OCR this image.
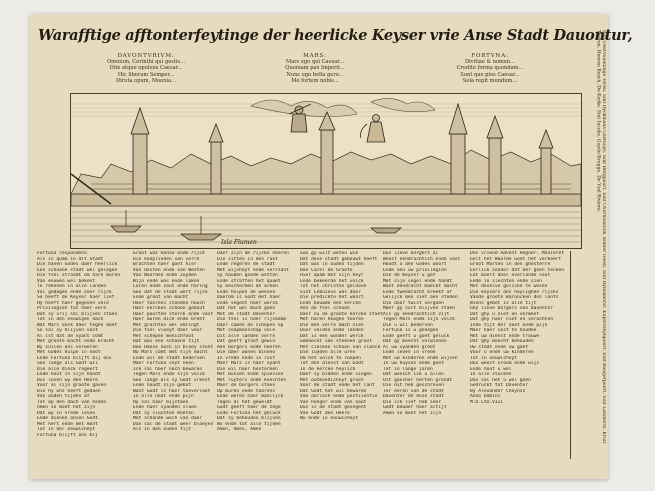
Warafftige afftonterfeytinge der heerlicke Keyser vrie Anse Stadt Dauontur,
DAVONTVRIVM:
Omnium, Corinthi qui gestis...
Dite atque opulens Caesar...
Hic liberam Semper...
Diruta opum, Moenia...
MARS:
Mars ego qui Caesar...
Quoniam pax Imperii...
Nunc ego bella gero...
Me fortem nobis...
FORTVNA:
Divitiae & nomen...
Credite forma quondam...
Sunt que pios Caesar...
Sola regit mundum...
Isla Flumen	Sint Overvuaedinge Toren. Sint Dyckmans Gasthuys. Sint Bergpoort. Sint Overmoedick. Kelder Geest. Sint Bynckhorst. Kupersteynpoort. Sint Boogerpoort. Sint Lamberts. Kruit Thoren. Heeren Bosch. De Kerke. Sint Iacobs. Guyde Brugge. De Ysel Riviere.
Fortuna respondens.
Als ic quam in dit Stadt
Die haven Godes daer heerlick
Een schoone stadt wel gelegen
Die Ysel stroomt om hare muren
Van eeuwen wel bekent
Te rekenen in alle landen
Vol gedagen ende zeer rijck
So heeft de Keyser haer lief
Hy heeft haer gegeven vele
Privilegien tot haer eere
Dat sy vrij sal blijven staen
Tot in den eeuwigen dach
Wat Mars oock daer tegen doet
So sal sy blijven vast
Al ist dat de vyant comt
Met groote macht ende kracht
Wy sullen ons verweren
Met Godes hulpe in noot
Ende Fortuna blijft bij ons
Soo lange als Godt wil
Die alle dinck regeert
Ende hout in sijn handt
Dus loven wy den Heere
Voor al sijn groote gaven
Die hy ons heeft gedaen
Van ouden tijden af
Tot op den dach van heden
Amen so moet het zijn
Dat wy in vrede leven
Ende dienen onsen Godt
Met hert ende met mont
Tot in der eeuwicheyt
Fortuna blijft ons bij
Groot was Hanse ende rijck
Die kooplieden van verre
Brachten haer goet hier
Van Oosten ende van Westen
Van Noorden ende Zuyden
Wijn ende was ende laken
Coren ende zout ende haring
Soo dat de stadt wert rijck
Ende groot van macht
Haer toorens stonden hooch
Haer kercken schoon gebout
Haer poorten sterck ende vast
Haer muren dick ende breet
Met grachten wel omringt
Die Ysel vloeyt daer voor
Met schepen menichfout
Dat was een schoone tijt
Doe Hanse noch in bloey stont
Nu Mars comt met sijn macht
Ende wil de stadt bederven
Maer Fortuna seyt neen
Ick sal haer noch bewaren
Tegen Mars ende sijn volck
Soo lange als sy Godt vreest
Ende houdt sijn gebot
Want Godt is haer toeverlaet
In alle noot ende pijn
Hy sal haer bijstaen
Ende haer vyanden slaen
Dat sy vluchten moeten
Met schande wech van daer
Dan sal de stadt weer bloeyen
Als in den ouden tijt
Daer sijn de rijcke heeren
Die sitten in den raet
Ende regeren de stadt
Met wijsheyt ende verstant
Sy houden goede wetten
Ende straffen het quaet
Sy beschermen de armen
Ende helpen de weesen
Daerom is Godt met haer
Ende segent haer werck
Dat het wel mach gaen
Met de stadt Daventer
Die Ysel is haer rijckdom
Daer comen de schepen op
Met coopmanschap vele
Uit alle landen verre
Dat geeft groot gewin
Aen borgers ende heeren
Die daer wonen binnen
In vrede ende in rust
Maer Mars is haer vyant
Die wil haer bestormen
Met bussen ende spiessen
Met ruyters ende knechten
Maer de borgers staen
Op muren ende toorens
Ende weren haer manlijck
Tegen al het geweldt
Godt geeft haer de zege
Ende Fortuna het geluck
Dat sy behouden blijven
Nu ende tot alle tijden
Amen, Amen, Amen
Soo gy wilt weten wie
Dat dese stadt gebouwt heeft
Dat was in ouden tijden
Doe Carel de Groote
Hier quam met sijn heyr
Ende bekeerde het volck
Tot het christen geloove
Sint Lebuinus was daer
Die predickte het woort
Ende bouwde een kercke
Aen de Ysel schoon
Daer nu de groote kercke staet
Met haren hoogen tooren
Die men verre mach sien
Over velden ende landen
Dat is een wonder werck
Gemaeckt van steenen groot
Met clocken schoon van clanck
Die luyden alle uren
Om het volck te roepen
Tot den dienst van Godt
In de kercke heylich
Daer sy bidden ende singen
Met ootmoedicheyt groot
Voor de stadt ende het lant
Dat Godt het wil bewaren
Van oorloch ende pestilentie
Van honger ende van noot
Dus is de stadt gesegent
Van Godt den Heere
Nu ende in eeuwicheyt
Dus lieve borgers al
Weest eendrachtich ende vast
Houdt u aen Godes woort
Ende aen uw privilegien
Die de Keyser u gaf
Met sijn segel ende handt
Want eendracht maeckt macht
Ende tweedracht breekt af
Gelijck men siet aen steden
Die door twist vergaen
Maer gy sult blijven staen
Als gy eendrachtich zijt
Tegen Mars ende sijn volck
Die u wil bederven
Fortuna is u genegen
Ende geeft u goet geluck
Dat gy moecht verwinnen
Al uw vyanden groot
Ende leven in vrede
Met uw kinderen ende wijven
In uw huysen ende goet
Tot in lange jaren
Dat wensch ick u allen
Uit gansher herten grondt
Die dit heb geschreven
Ter eeren van de stadt
Daventer de Anse stadt
Die ick lief heb seer
Godt bewaer haer altijt
Amen so moet het zijn
Ons vriend Advent Regner. Manieret
Gelt het Woorde Goet het verbeert
Groot Marten in den ghesterre
Eerlick sonder dat der geen tecken
Eat buert door overlande sout
Ende in slechten ende sien
Met deselve gelicke te wesen
Die keysers des heylighen rijcks
Vande groote Baroncken des lants
Wiens gebet is alle tijt
Ghy lieve borgers van Daventer
Dat ghy u niet en vermeet
Dat ghy haer niet en verachten
Inde tijt der noot ende pijn
Maer haer vast te houden
Met uw dienst ende trouwe
Dat ghy moecht behouden
Uw stadt ende uw goet
Voor u ende uw kinderen
Tot in eeuwicheyt
Dus weest vroom ende wijs
Ende hout u wel
In alle stucken
Dan sal het u wel gaen
Gedruckt tot Daventer
By Alexander Cheynsz
Anno Domini
M.D.LXX.VIII
